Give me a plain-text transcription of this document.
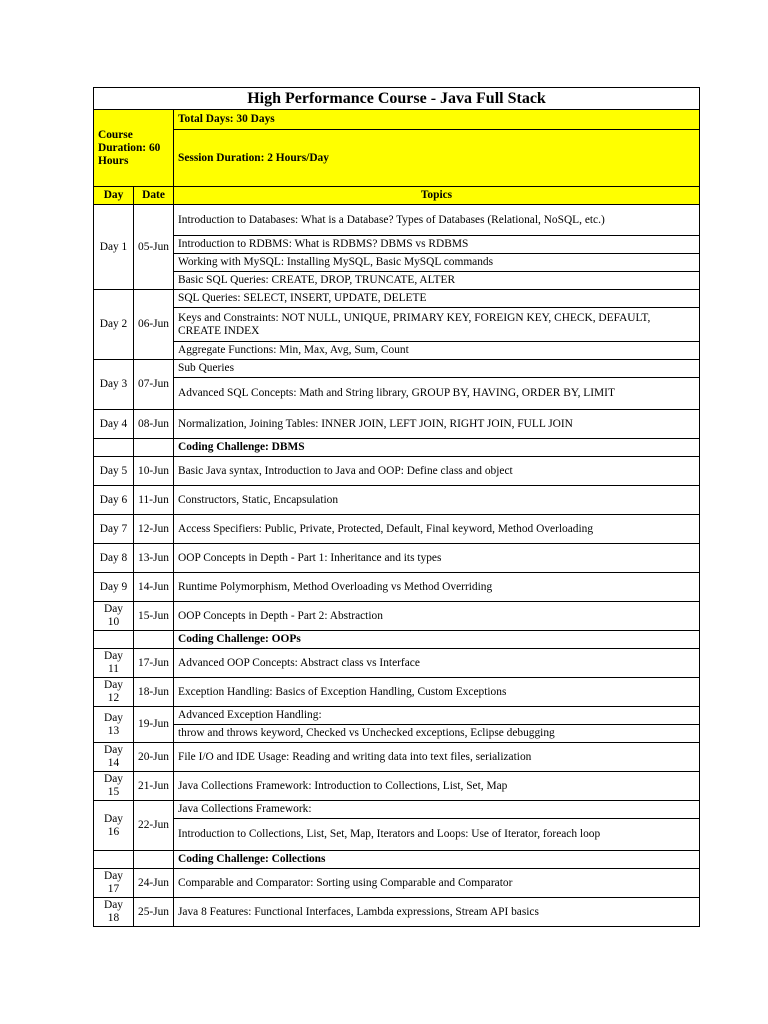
High Performance Course - Java Full Stack		
Course Duration: 60 Hours		Total Days: 30 Days
		Session Duration: 2 Hours/Day
Day	Date	Topics
Day 1	05-Jun	Introduction to Databases: What is a Database? Types of Databases (Relational, NoSQL, etc.)
		Introduction to RDBMS: What is RDBMS? DBMS vs RDBMS
		Working with MySQL: Installing MySQL, Basic MySQL commands
		Basic SQL Queries: CREATE, DROP, TRUNCATE, ALTER
Day 2	06-Jun	SQL Queries: SELECT, INSERT, UPDATE, DELETE
		Keys and Constraints: NOT NULL, UNIQUE, PRIMARY KEY, FOREIGN KEY, CHECK, DEFAULT, CREATE INDEX
		Aggregate Functions: Min, Max, Avg, Sum, Count
Day 3	07-Jun	Sub Queries
		Advanced SQL Concepts: Math and String library, GROUP BY, HAVING, ORDER BY, LIMIT
Day 4	08-Jun	Normalization, Joining Tables: INNER JOIN, LEFT JOIN, RIGHT JOIN, FULL JOIN
		Coding Challenge: DBMS
Day 5	10-Jun	Basic Java syntax, Introduction to Java and OOP: Define class and object
Day 6	11-Jun	Constructors, Static, Encapsulation
Day 7	12-Jun	Access Specifiers: Public, Private, Protected, Default, Final keyword, Method Overloading
Day 8	13-Jun	OOP Concepts in Depth - Part 1: Inheritance and its types
Day 9	14-Jun	Runtime Polymorphism, Method Overloading vs Method Overriding
Day 10	15-Jun	OOP Concepts in Depth - Part 2: Abstraction
		Coding Challenge: OOPs
Day 11	17-Jun	Advanced OOP Concepts: Abstract class vs Interface
Day 12	18-Jun	Exception Handling: Basics of Exception Handling, Custom Exceptions
Day 13	19-Jun	Advanced Exception Handling:
		throw and throws keyword, Checked vs Unchecked exceptions, Eclipse debugging
Day 14	20-Jun	File I/O and IDE Usage: Reading and writing data into text files, serialization
Day 15	21-Jun	Java Collections Framework: Introduction to Collections, List, Set, Map
Day 16	22-Jun	Java Collections Framework:
		Introduction to Collections, List, Set, Map, Iterators and Loops: Use of Iterator, foreach loop
		Coding Challenge: Collections
Day 17	24-Jun	Comparable and Comparator: Sorting using Comparable and Comparator
Day 18	25-Jun	Java 8 Features: Functional Interfaces, Lambda expressions, Stream API basics
